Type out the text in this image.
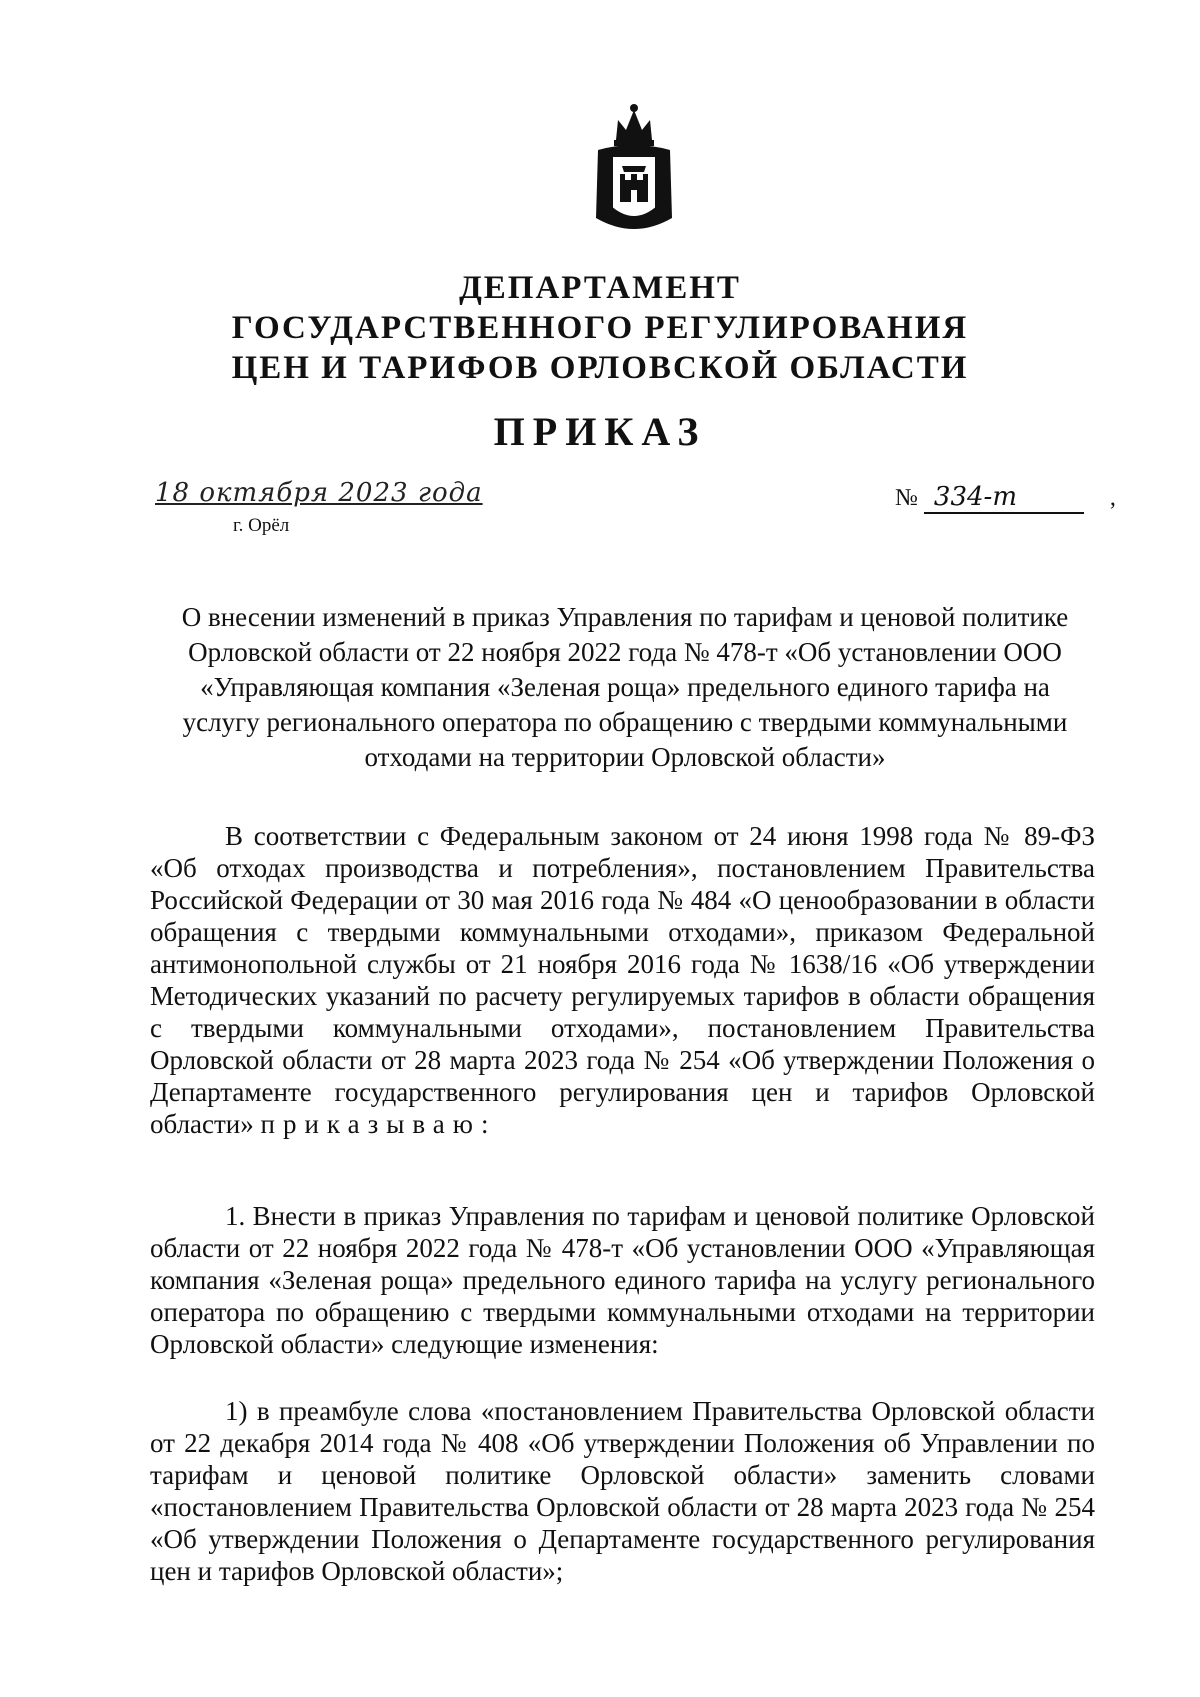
ДЕПАРТАМЕНТ
ГОСУДАРСТВЕННОГО РЕГУЛИРОВАНИЯ
ЦЕН И ТАРИФОВ ОРЛОВСКОЙ ОБЛАСТИ
ПРИКАЗ
18 октября 2023 года
г. Орёл
№ 334-т	,
О внесении изменений в приказ Управления по тарифам и ценовой политике Орловской области от 22 ноября 2022 года № 478-т «Об установлении ООО «Управляющая компания «Зеленая роща» предельного единого тарифа на услугу регионального оператора по обращению с твердыми коммунальными отходами на территории Орловской области»

В соответствии с Федеральным законом от 24 июня 1998 года № 89-ФЗ «Об отходах производства и потребления», постановлением Правительства Российской Федерации от 30 мая 2016 года № 484 «О ценообразовании в области обращения с твердыми коммунальными отходами», приказом Федеральной антимонопольной службы от 21 ноября 2016 года № 1638/16 «Об утверждении Методических указаний по расчету регулируемых тарифов в области обращения с твердыми коммунальными отходами», постановлением Правительства Орловской области от 28 марта 2023 года № 254 «Об утверждении Положения о Департаменте государственного регулирования цен и тарифов Орловской области» приказываю:

1. Внести в приказ Управления по тарифам и ценовой политике Орловской области от 22 ноября 2022 года № 478-т «Об установлении ООО «Управляющая компания «Зеленая роща» предельного единого тарифа на услугу регионального оператора по обращению с твердыми коммунальными отходами на территории Орловской области» следующие изменения:

1) в преамбуле слова «постановлением Правительства Орловской области от 22 декабря 2014 года № 408 «Об утверждении Положения об Управлении по тарифам и ценовой политике Орловской области» заменить словами «постановлением Правительства Орловской области от 28 марта 2023 года № 254 «Об утверждении Положения о Департаменте государственного регулирования цен и тарифов Орловской области»;
